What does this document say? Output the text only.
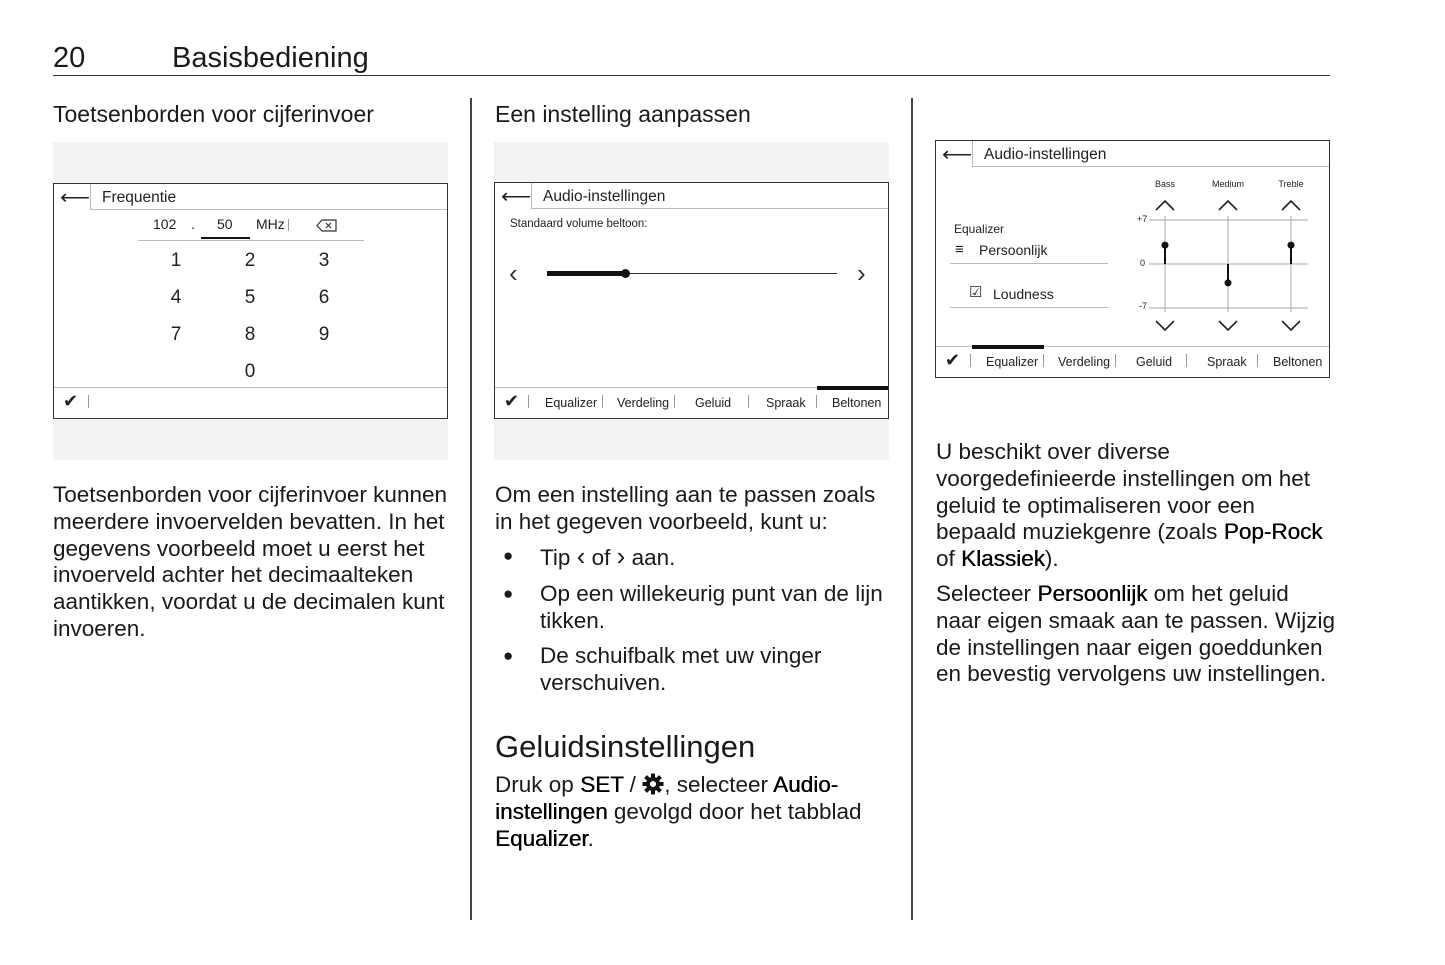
20	Basisbediening
Toetsenborden voor cijferinvoer
⟵ Frequentie
102 . 50 MHz
1	2	3
4	5	6
7	8	9
0
✔
Toetsenborden voor cijferinvoer kunnen meerdere invoervelden bevatten. In het gegevens voorbeeld moet u eerst het invoerveld achter het decimaalteken aantikken, voordat u de decimalen kunt invoeren.
Een instelling aanpassen
⟵ Audio-instellingen
Standaard volume beltoon:
‹	›
✔ Equalizer Verdeling Geluid	Spraak Beltonen
Om een instelling aan te passen zoals in het gegeven voorbeeld, kunt u:
● Tip ‹ of › aan.
● Op een willekeurig punt van de lijn tikken.
● De schuifbalk met uw vinger verschuiven.
Geluidsinstellingen
Druk op SET / , selecteer Audio-instellingen gevolgd door het tabblad Equalizer.
⟵ Audio-instellingen
Equalizer
≡ Persoonlijk
☑ Loudness
Bass	Medium	Treble
+7
0
-7
✔ Equalizer Verdeling Geluid	Spraak Beltonen
U beschikt over diverse voorgedefinieerde instellingen om het geluid te optimaliseren voor een bepaald muziekgenre (zoals Pop-Rock of Klassiek).
Selecteer Persoonlijk om het geluid naar eigen smaak aan te passen. Wijzig de instellingen naar eigen goeddunken en bevestig vervolgens uw instellingen.
